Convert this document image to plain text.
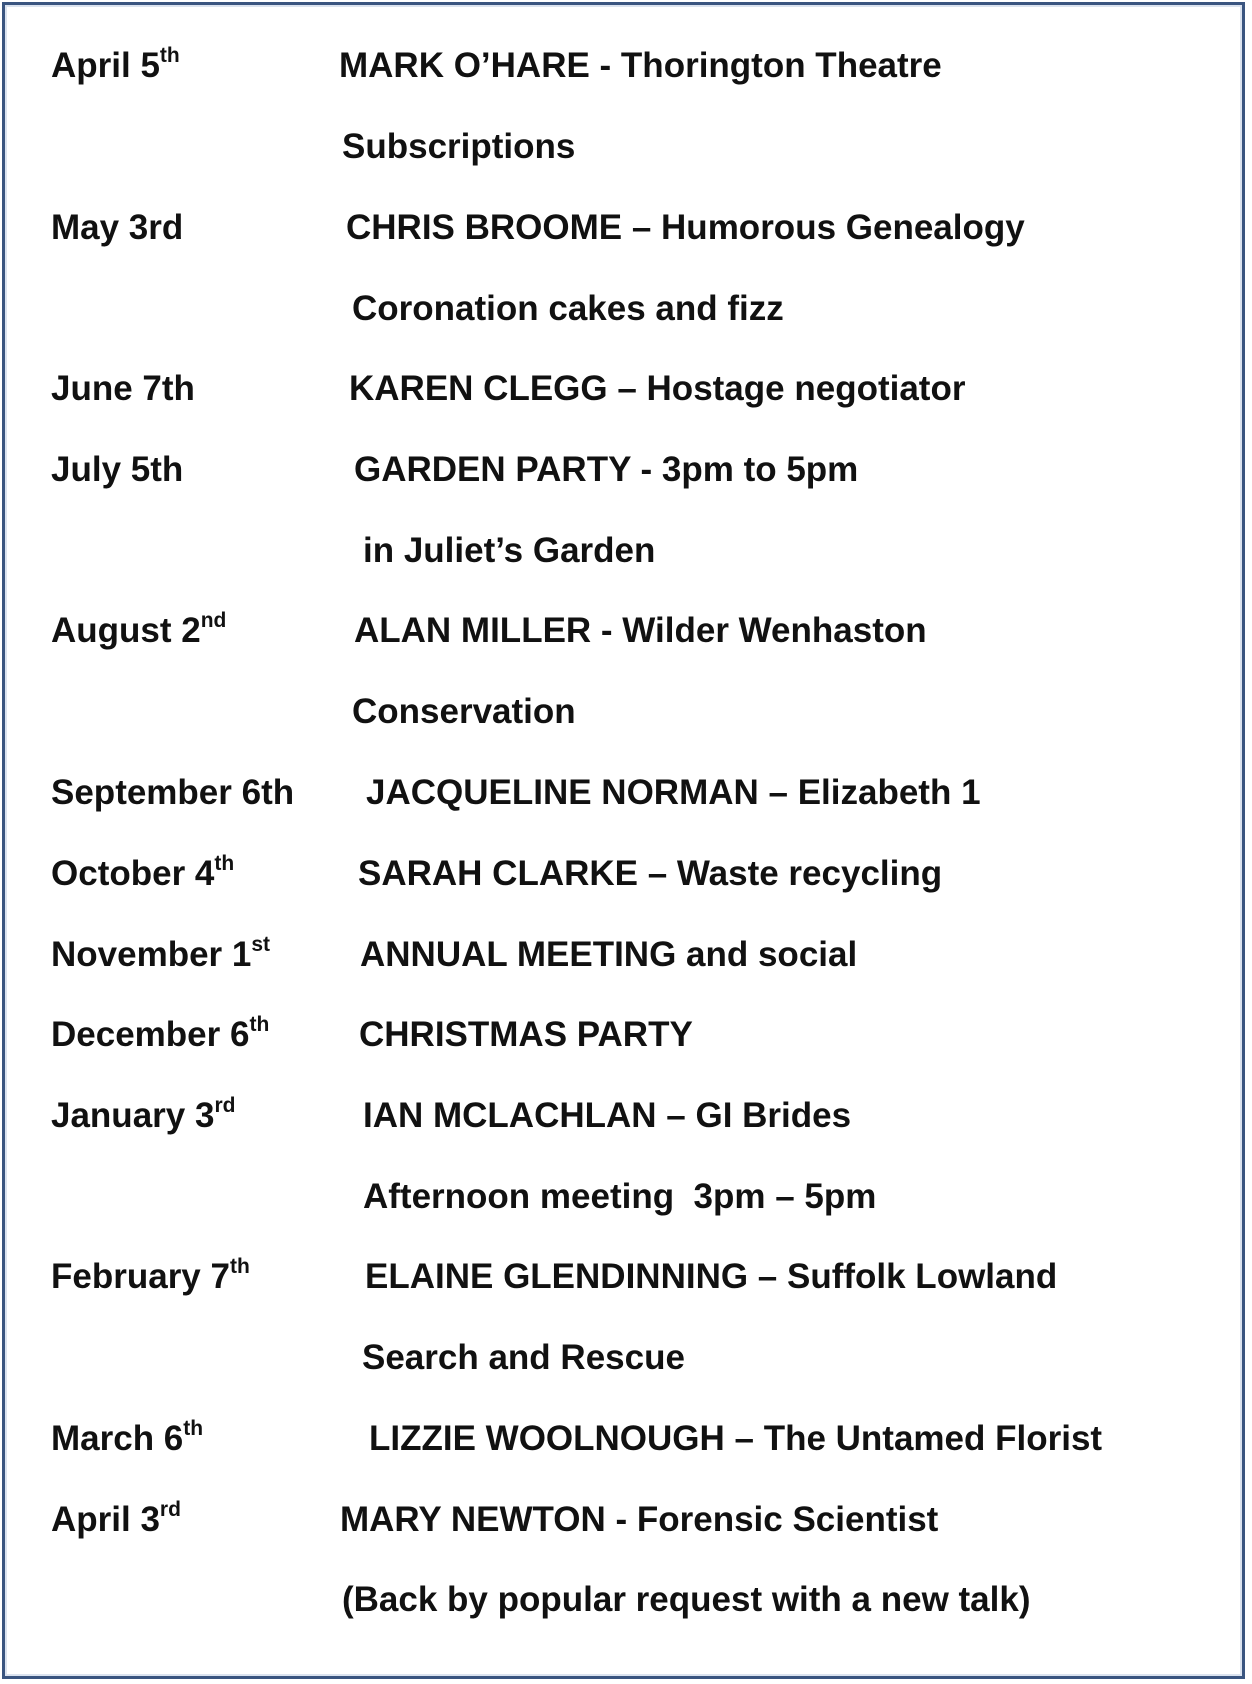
April 5th	MARK O’HARE - Thorington Theatre
Subscriptions
May 3rd	CHRIS BROOME – Humorous Genealogy
Coronation cakes and fizz
June 7th	KAREN CLEGG – Hostage negotiator
July 5th	GARDEN PARTY - 3pm to 5pm
in Juliet’s Garden
August 2nd	ALAN MILLER - Wilder Wenhaston
Conservation
September 6th JACQUELINE NORMAN – Elizabeth 1
October 4th	SARAH CLARKE – Waste recycling
November 1st	ANNUAL MEETING and social
December 6th	CHRISTMAS PARTY
January 3rd	IAN MCLACHLAN – GI Brides
Afternoon meeting  3pm – 5pm
February 7th	ELAINE GLENDINNING – Suffolk Lowland
Search and Rescue
March 6th	LIZZIE WOOLNOUGH – The Untamed Florist
April 3rd	MARY NEWTON - Forensic Scientist
(Back by popular request with a new talk)
